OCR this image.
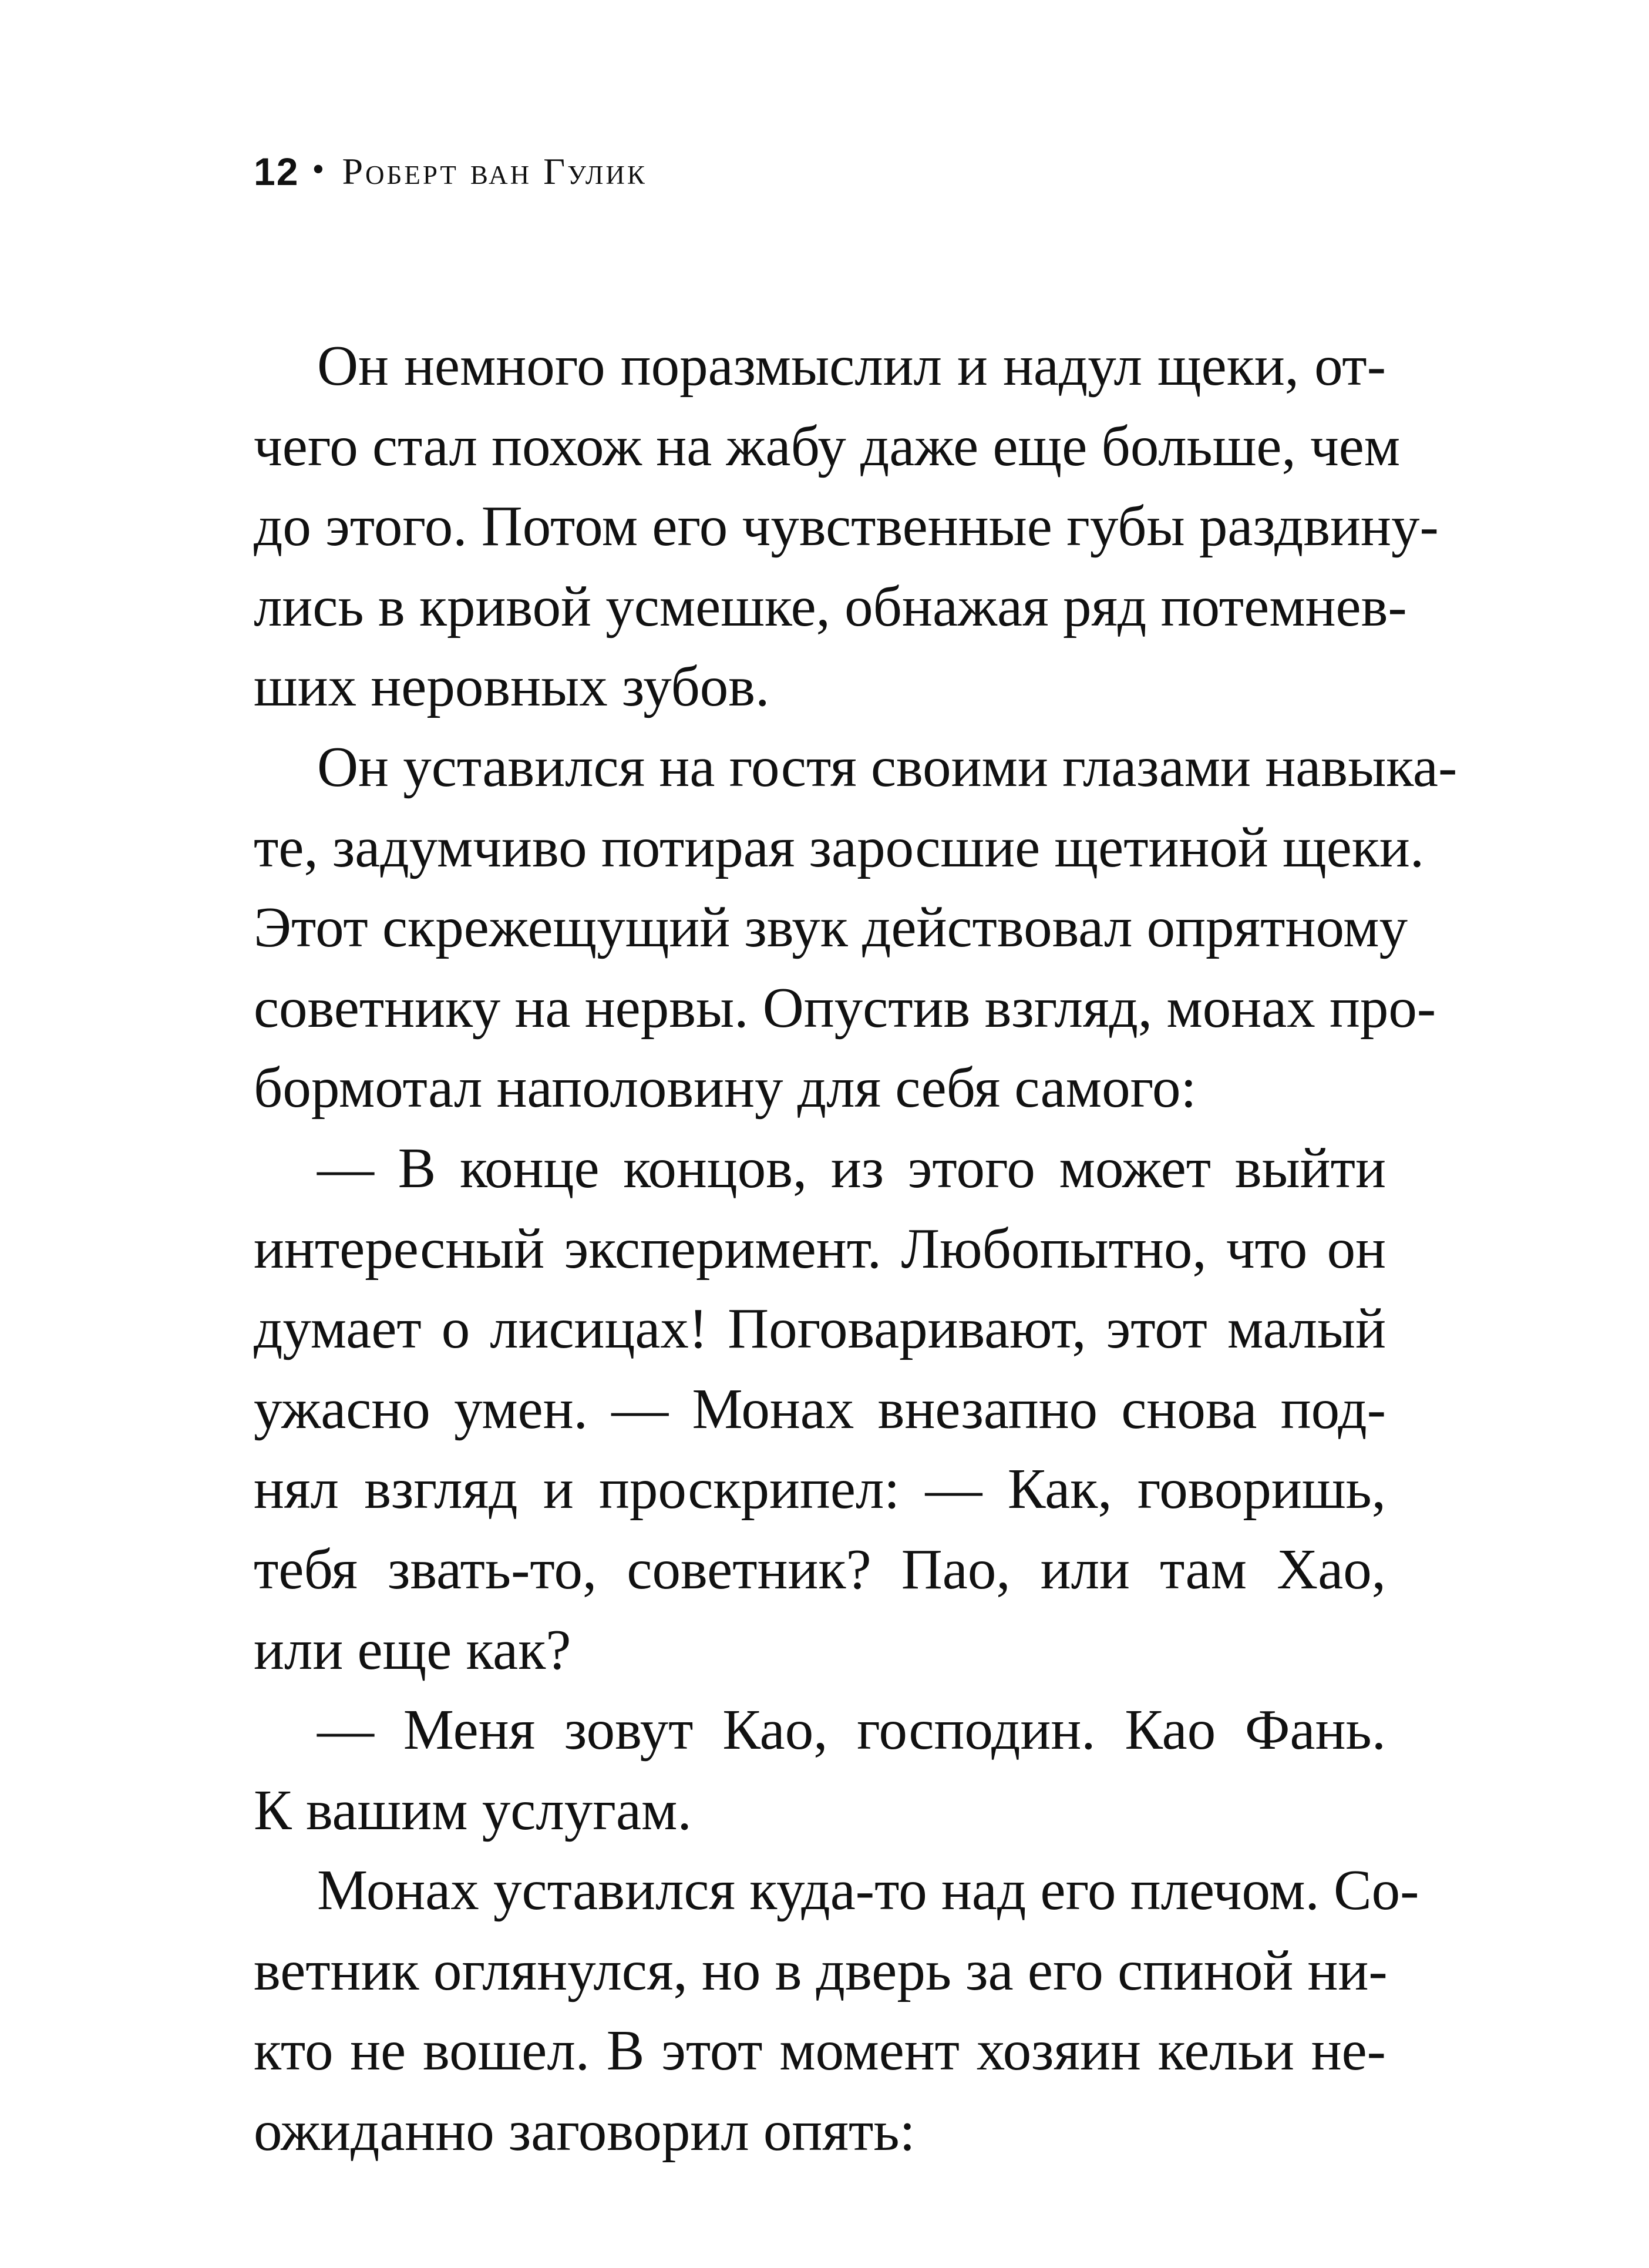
12 • Роберт ван Гулик
Он немного поразмыслил и надул щеки, от-
чего стал похож на жабу даже еще больше, чем
до этого. Потом его чувственные губы раздвину-
лись в кривой усмешке, обнажая ряд потемнев-
ших неровных зубов.
Он уставился на гостя своими глазами навыка-
те, задумчиво потирая заросшие щетиной щеки.
Этот скрежещущий звук действовал опрятному
советнику на нервы. Опустив взгляд, монах про-
бормотал наполовину для себя самого:
— В конце концов, из этого может выйти
интересный эксперимент. Любопытно, что он
думает о лисицах! Поговаривают, этот малый
ужасно умен. — Монах внезапно снова под-
нял взгляд и проскрипел: — Как, говоришь,
тебя звать-то, советник? Пао, или там Хао,
или еще как?
— Меня зовут Као, господин. Као Фань.
К вашим услугам.
Монах уставился куда-то над его плечом. Со-
ветник оглянулся, но в дверь за его спиной ни-
кто не вошел. В этот момент хозяин кельи не-
ожиданно заговорил опять:
